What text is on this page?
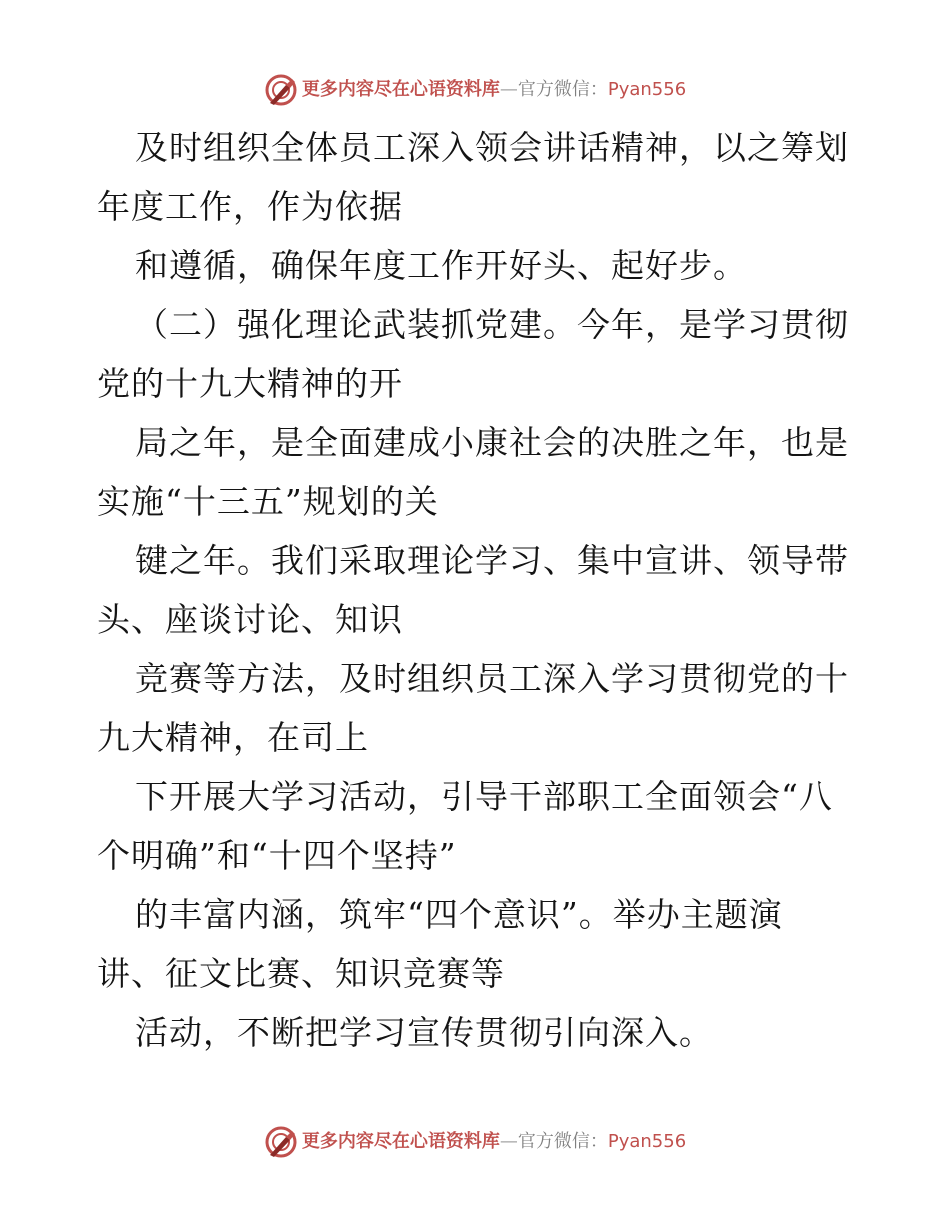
更多内容尽在心语资料库—官方微信：Pyan556
及时组织全体员工深入领会讲话精神，以之筹划
年度工作，作为依据
和遵循，确保年度工作开好头、起好步。
（二）强化理论武装抓党建。今年，是学习贯彻
党的十九大精神的开
局之年，是全面建成小康社会的决胜之年，也是
实施“十三五”规划的关
键之年。我们采取理论学习、集中宣讲、领导带
头、座谈讨论、知识
竞赛等方法，及时组织员工深入学习贯彻党的十
九大精神，在司上
下开展大学习活动，引导干部职工全面领会“八
个明确”和“十四个坚持”
的丰富内涵，筑牢“四个意识”。举办主题演
讲、征文比赛、知识竞赛等
活动，不断把学习宣传贯彻引向深入。
更多内容尽在心语资料库—官方微信：Pyan556
